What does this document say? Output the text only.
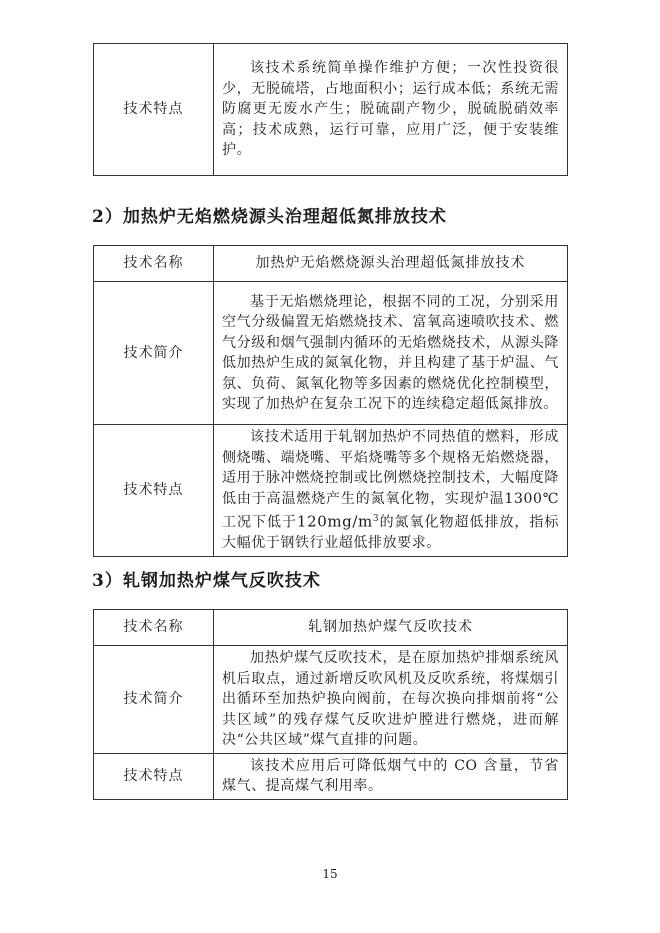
技术特点	该技术系统简单操作维护方便；一次性投资很少，无脱硫塔，占地面积小；运行成本低；系统无需防腐更无废水产生；脱硫副产物少，脱硫脱硝效率高；技术成熟，运行可靠，应用广泛，便于安装维护。
2）加热炉无焰燃烧源头治理超低氮排放技术
技术名称	加热炉无焰燃烧源头治理超低氮排放技术
技术简介	基于无焰燃烧理论，根据不同的工况，分别采用空气分级偏置无焰燃烧技术、富氧高速喷吹技术、燃气分级和烟气强制内循环的无焰燃烧技术，从源头降低加热炉生成的氮氧化物，并且构建了基于炉温、气氛、负荷、氮氧化物等多因素的燃烧优化控制模型，实现了加热炉在复杂工况下的连续稳定超低氮排放。
技术特点	该技术适用于轧钢加热炉不同热值的燃料，形成侧烧嘴、端烧嘴、平焰烧嘴等多个规格无焰燃烧器，适用于脉冲燃烧控制或比例燃烧控制技术，大幅度降低由于高温燃烧产生的氮氧化物，实现炉温1300℃工况下低于$120mg/m^3$的氮氧化物超低排放，指标大幅优于钢铁行业超低排放要求。
3）轧钢加热炉煤气反吹技术
技术名称	轧钢加热炉煤气反吹技术
技术简介	加热炉煤气反吹技术，是在原加热炉排烟系统风机后取点，通过新增反吹风机及反吹系统，将煤烟引出循环至加热炉换向阀前，在每次换向排烟前将“公共区域”的残存煤气反吹进炉膛进行燃烧，进而解决“公共区域”煤气直排的问题。
技术特点	该技术应用后可降低烟气中的 CO 含量，节省煤气、提高煤气利用率。
15
